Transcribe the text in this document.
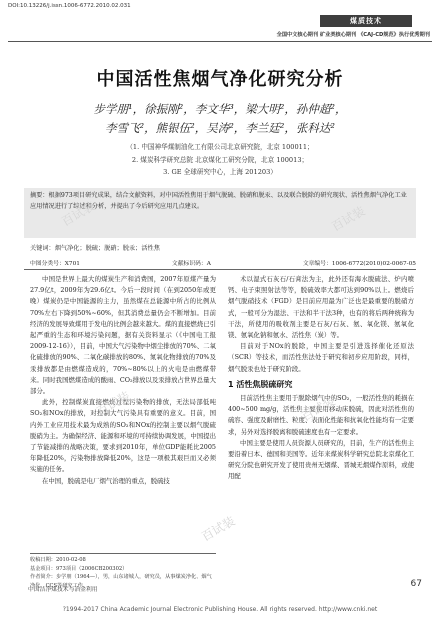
DOI:10.13226/j.issn.1006-6772.2010.02.031
煤质技术
全国中文核心期刊 矿业类核心期刊 《CAJ-CD规范》执行优秀期刊
中国活性焦烟气净化研究分析
步学朋¹，徐振刚²，李文华³，梁大明²，孙仲超²，
李雪飞²，熊银伍²，吴涛²，李兰廷²，张科达²
（1. 中国神华煤制油化工有限公司北京研究院，北京 100011；
2. 煤炭科学研究总院 北京煤化工研究分院，北京 100013；
3. GE 全球研究中心，上海 201203）
摘要：根据973项目研究成果，结合文献资料，对中国活性焦用于烟气脱硫、脱硝和脱汞、以及联合脱除的研究现状、活性焦烟气净化工业应用情况进行了综述和分析，并提出了今后研究应用几点建议。
关键词：烟气净化；脱硫；脱硝；脱汞；活性焦
中图分类号：X701	文献标识码：A	文章编号：1006-6772(2010)02-0067-05

中国是世界上最大的煤炭生产和消费国，2007年原煤产量为27.9亿t，2009年为29.6亿t。今后一段时间（在到2050年或更晚）煤炭仍是中国能源的主力，虽然煤在总能源中所占的比例从70%左右下降到50%~60%，但其消费总量仍会不断增加。目前经济的发展导致煤用于发电的比例会越来越大。煤的直接燃烧已引起严重的生态和环境污染问题，据有关资料显示（《中国电工报2009-12-16》），目前，中国大气污染物中烟尘排放的70%、二氧化硫排放的90%、二氧化碳排放的80%、氮氧化物排放的70%及汞排放都是由燃煤造成的，70%~80%以上的火电是由燃煤带来。同时我国燃煤造成的酸雨、CO₂排放以及汞排放占世界总量大部分。

此外，控制煤炭直接燃烧过程污染物的排放，无法局部低吨SO₂和NOx的排放，对控制大气污染具有重要的意义。目前，国内外工业应用技术最为成熟的SO₂和NOx的控制主要以烟气脱硫脱硝为主。为确保经济、能源和环境的可持续协调发展，中国提出了节能减排的战略决策，要求到2010年，单位GDP能耗比2005年降低20%，污染物排放降低20%，这是一项极其艰巨而又必须实施的任务。

在中国，脱硫是电厂烟气治理的重点，脱硫技

术以湿式石灰石/石膏法为主，此外还有海水脱硫法、炉内喷钙、电子束照射法等等，脱硫效率大都可达到90%以上。燃烧后烟气脱硝技术（FGD）是目前应用最为广泛也是最重要的脱硝方式，一般可分为湿法、干法和半干法3种，也有的将后两种统称为干法，所使用的吸收剂主要是石灰/石灰、氨、氧化镁、氨氧化镁、氨氧化钠和氨水、活性焦（炭）等。

目前对于NOx的脱除，中国主要是引进选择催化还原法（SCR）等技术，而活性焦法处于研究和初步应用阶段，同样，烟气脱汞也处于研究阶段。

1 活性焦脱硫研究

目前活性焦主要用于脱除烟气中的SO₂，一般活性焦的耗损在400~500 mg/g，活性焦主要使用移动床脱硫，因此对活性焦的硫容、强度及耐磨性、粒度、表面化性能和抗氧化性能均有一定要求，另外对选择脱离和脱硫速度也有一定要求。

中国主要是使用人员资源人员研究的，目前，生产的活性焦主要沿着日本、德国和美国等。近年来煤炭科学研究总院北京煤化工研究分院也研究开发了使用贵州无烟煤、晋城无烟煤作原料，或使用配

收稿日期：2010-02-08
基金项目：973项目（2006CB200302）
作者简介：步学朋（1964—），男，山东诸城人，研究员，从事煤炭净化、烟气净化、CCS等研究工作。
中国洁净煤技术与冶金利用
67
?1994-2017 China Academic Journal Electronic Publishing House. All rights reserved. http://www.cnki.net
百试装	百试装
百试装	百试装
百试装
